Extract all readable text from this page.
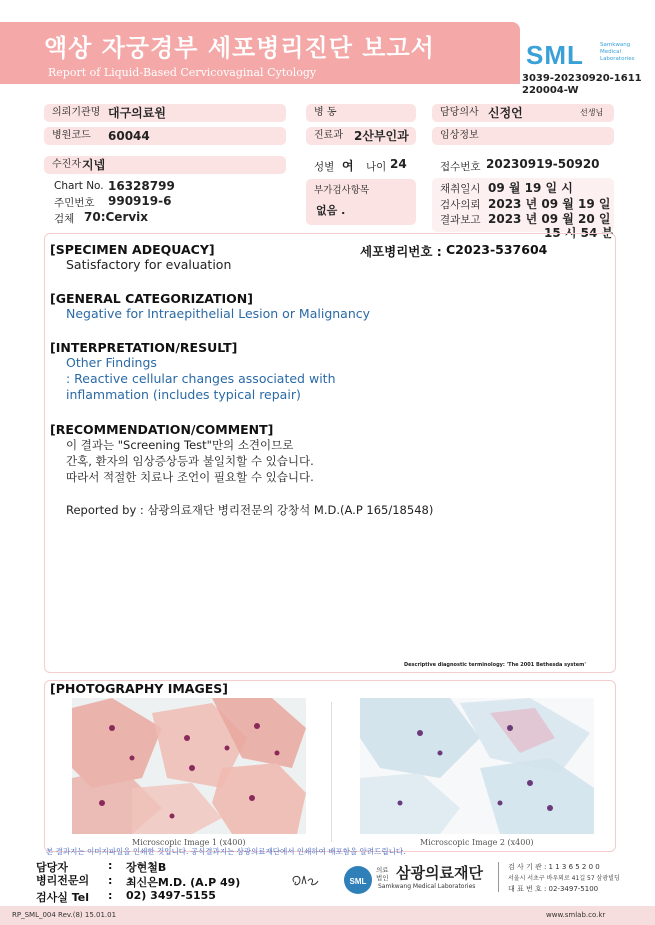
액상 자궁경부 세포병리진단 보고서
Report of Liquid-Based Cervicovaginal Cytology
SML	Samkwang Medical Laboratories
3039-20230920-1611
220004-W
의뢰기관명 대구의료원	병 동	담당의사 신정언	선생님
병원코드	60044	진료과 2산부인과	임상정보
수진자 지넵	성별 여 나이 24	접수번호 20230919-50920
Chart No. 16328799
주민번호 990919-6
검체 70:Cervix
부가검사항목
없음 .
채취일시 09 월 19 일 시
검사의뢰 2023 년 09 월 19 일
결과보고 2023 년 09 월 20 일
15 시 54 분
[SPECIMEN ADEQUACY]	세포병리번호 : C2023-537604
Satisfactory for evaluation
[GENERAL CATEGORIZATION]
Negative for Intraepithelial Lesion or Malignancy
[INTERPRETATION/RESULT]
Other Findings
: Reactive cellular changes associated with
inflammation (includes typical repair)
[RECOMMENDATION/COMMENT]
이 결과는 "Screening Test"만의 소견이므로
간혹, 환자의 임상증상등과 불일치할 수 있습니다.
따라서 적절한 치료나 조언이 필요할 수 있습니다.
Reported by : 삼광의료재단 병리전문의 강창석 M.D.(A.P 165/18548)
Descriptive diagnostic terminology: 'The 2001 Bethesda system'
[PHOTOGRAPHY IMAGES]
Microscopic Image 1 (x400)	Microscopic Image 2 (x400)
본 결과지는 이미지파일을 인쇄한 것입니다. 공식결과지는 삼광의료재단에서 인쇄하여 배포함을 알려드립니다.
담당자	: 장현철B
병리전문의 : 최신은M.D. (A.P 49)
검사실 Tel : 02) 3497-5155
SML
의료 법인 삼광의료재단
Samkwang Medical Laboratories
검 사 기 관 : 1 1 3 6 5 2 0 0
서울시 서초구 바우뫼로 41길 57 삼광빌딩
대 표 번 호 : 02-3497-5100
RP_SML_004 Rev.(8) 15.01.01	www.smlab.co.kr
